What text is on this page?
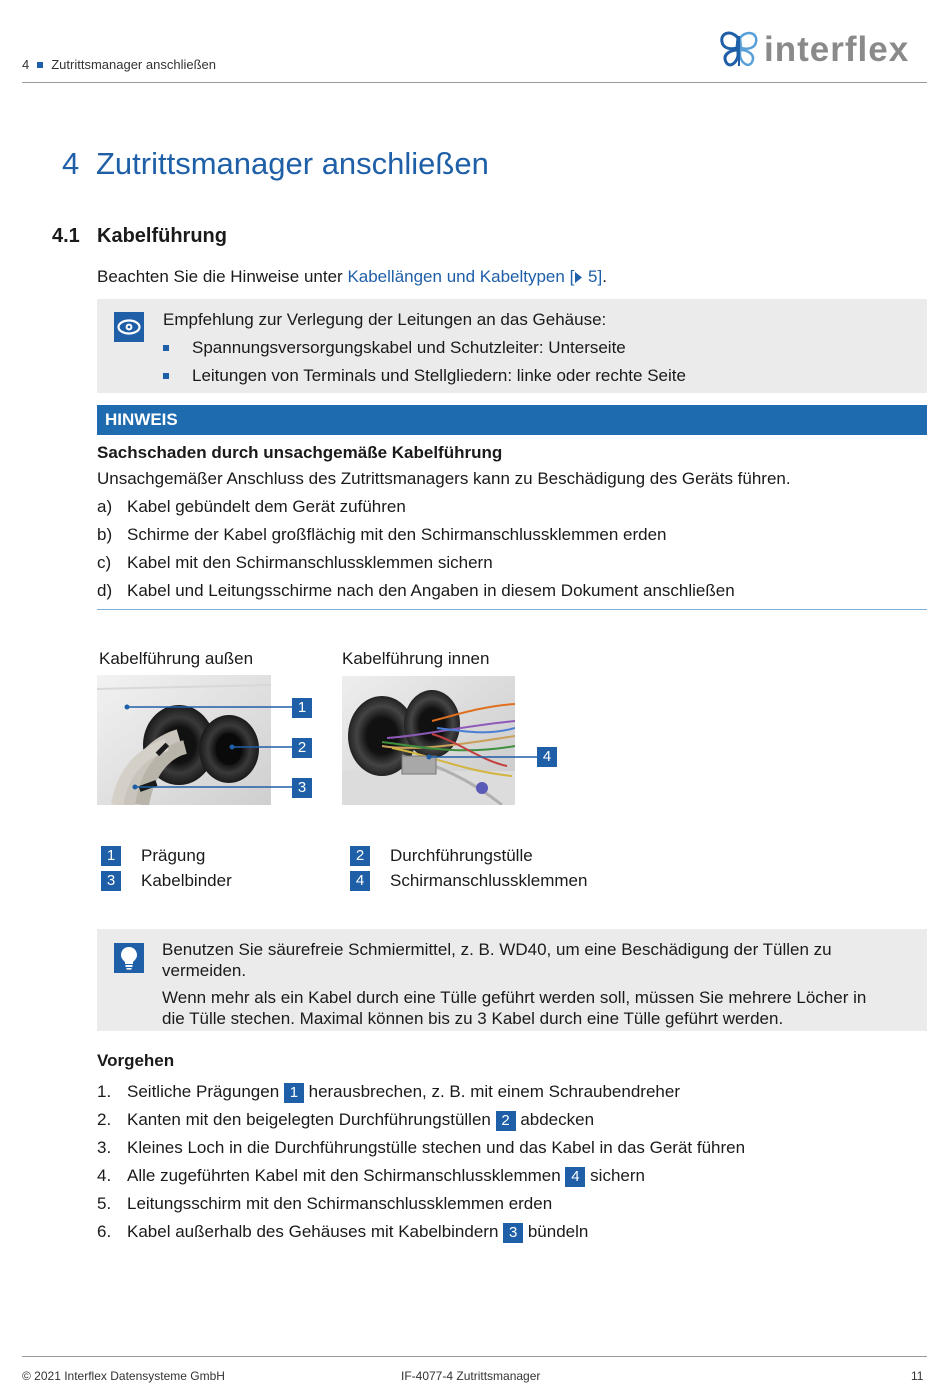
4 Zutrittsmanager anschließen	interflex
4 Zutrittsmanager anschließen
4.1 Kabelführung
Beachten Sie die Hinweise unter Kabellängen und Kabeltypen [ 5].
Empfehlung zur Verlegung der Leitungen an das Gehäuse:
Spannungsversorgungskabel und Schutzleiter: Unterseite
Leitungen von Terminals und Stellgliedern: linke oder rechte Seite
HINWEIS
Sachschaden durch unsachgemäße Kabelführung
Unsachgemäßer Anschluss des Zutrittsmanagers kann zu Beschädigung des Geräts führen.
a) Kabel gebündelt dem Gerät zuführen
b) Schirme der Kabel großflächig mit den Schirmanschlussklemmen erden
c) Kabel mit den Schirmanschlussklemmen sichern
d) Kabel und Leitungsschirme nach den Angaben in diesem Dokument anschließen
Kabelführung außen	Kabelführung innen
1
2
3
4
1	Prägung	2	Durchführungstülle
3	Kabelbinder	4	Schirmanschlussklemmen
Benutzen Sie säurefreie Schmiermittel, z. B. WD40, um eine Beschädigung der Tüllen zu
vermeiden.
Wenn mehr als ein Kabel durch eine Tülle geführt werden soll, müssen Sie mehrere Löcher in
die Tülle stechen. Maximal können bis zu 3 Kabel durch eine Tülle geführt werden.
Vorgehen
1. Seitliche Prägungen 1 herausbrechen, z. B. mit einem Schraubendreher
2. Kanten mit den beigelegten Durchführungstüllen 2 abdecken
3. Kleines Loch in die Durchführungstülle stechen und das Kabel in das Gerät führen
4. Alle zugeführten Kabel mit den Schirmanschlussklemmen 4 sichern
5. Leitungsschirm mit den Schirmanschlussklemmen erden
6. Kabel außerhalb des Gehäuses mit Kabelbindern 3 bündeln
© 2021 Interflex Datensysteme GmbH	IF-4077-4 Zutrittsmanager	11
